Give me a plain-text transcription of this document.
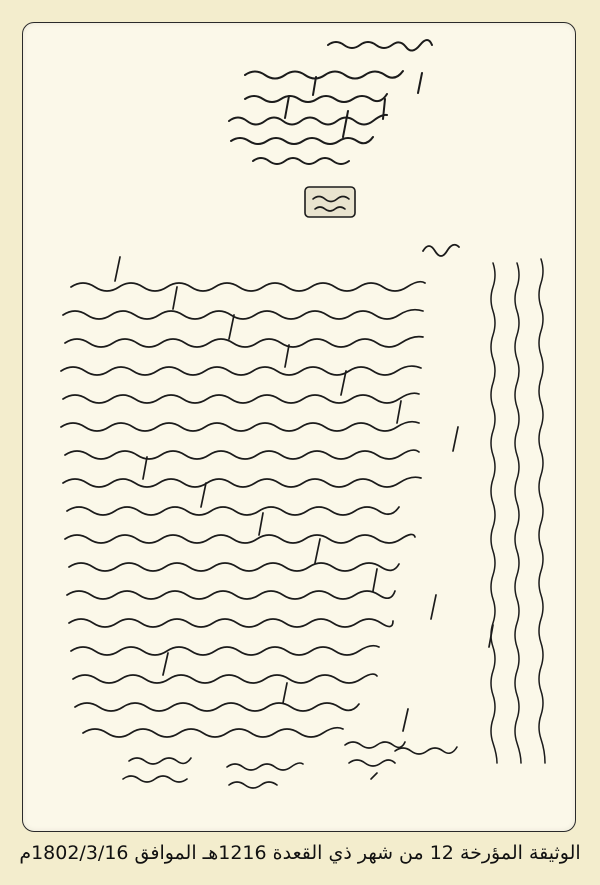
الوثيقة المؤرخة 12 من شهر ذي القعدة 1216هـ الموافق 1802/3/16م
